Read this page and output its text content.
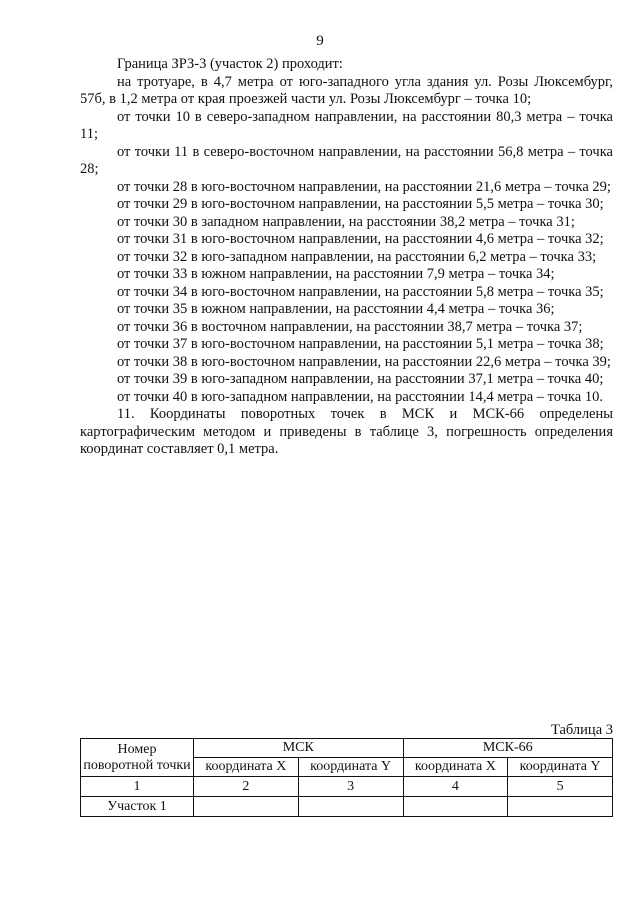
9

Граница ЗРЗ-3 (участок 2) проходит:

на тротуаре, в 4,7 метра от юго-западного угла здания ул. Розы Люксембург, 57б, в 1,2 метра от края проезжей части ул. Розы Люксембург – точка 10;

от точки 10 в северо-западном направлении, на расстоянии 80,3 метра – точка 11;

от точки 11 в северо-восточном направлении, на расстоянии 56,8 метра – точка 28;

от точки 28 в юго-восточном направлении, на расстоянии 21,6 метра – точка 29;

от точки 29 в юго-восточном направлении, на расстоянии 5,5 метра – точка 30;

от точки 30 в западном направлении, на расстоянии 38,2 метра – точка 31;

от точки 31 в юго-восточном направлении, на расстоянии 4,6 метра – точка 32;

от точки 32 в юго-западном направлении, на расстоянии 6,2 метра – точка 33;

от точки 33 в южном направлении, на расстоянии 7,9 метра – точка 34;

от точки 34 в юго-восточном направлении, на расстоянии 5,8 метра – точка 35;

от точки 35 в южном направлении, на расстоянии 4,4 метра – точка 36;

от точки 36 в восточном направлении, на расстоянии 38,7 метра – точка 37;

от точки 37 в юго-восточном направлении, на расстоянии 5,1 метра – точка 38;

от точки 38 в юго-восточном направлении, на расстоянии 22,6 метра – точка 39;

от точки 39 в юго-западном направлении, на расстоянии 37,1 метра – точка 40;

от точки 40 в юго-западном направлении, на расстоянии 14,4 метра – точка 10.

11. Координаты поворотных точек в МСК и МСК-66 определены картографическим методом и приведены в таблице 3, погрешность определения координат составляет 0,1 метра.

Таблица 3
Номер поворотной точки	МСК		МСК-66	
	координата X	координата Y	координата X	координата Y
1	2	3	4	5
Участок 1				
